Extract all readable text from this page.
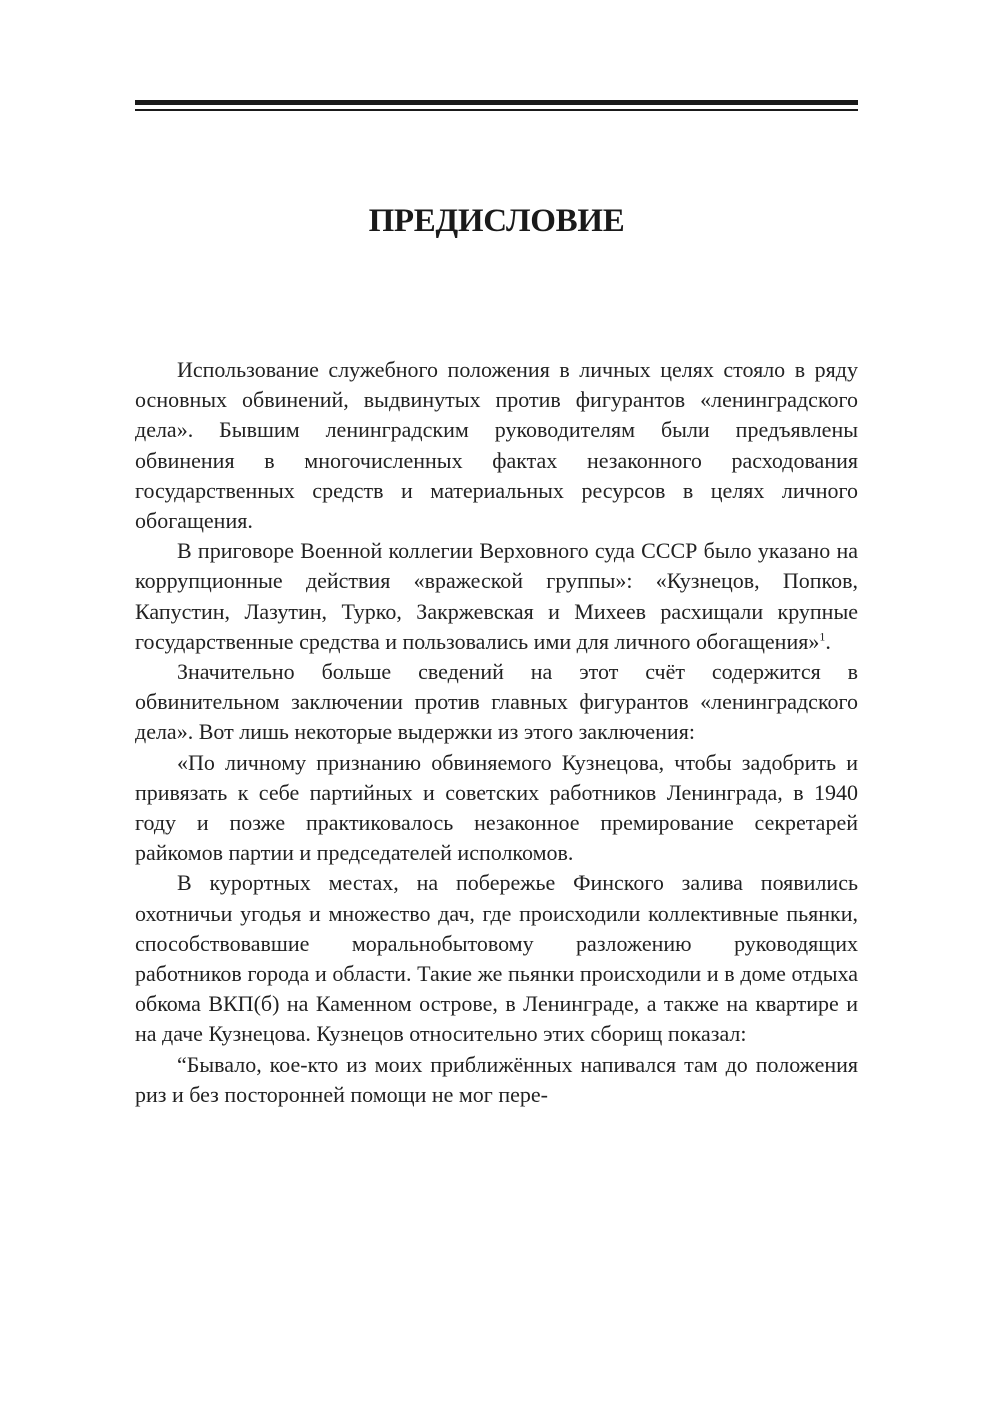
ПРЕДИСЛОВИЕ

Использование служебного положения в личных целях стояло в ряду основных обвинений, выдвинутых против фигурантов «ленинградского дела». Бывшим ленинградским руководителям были предъявлены обвинения в многочисленных фактах незаконного расходования государственных средств и материальных ресурсов в целях личного обогащения.

В приговоре Военной коллегии Верховного суда СССР было указано на коррупционные действия «вражеской группы»: «Кузнецов, Попков, Капустин, Лазутин, Турко, Закржевская и Михеев расхищали крупные государственные средства и пользовались ими для личного обогащения»$^1$.

Значительно больше сведений на этот счёт содержится в обвинительном заключении против главных фигурантов «ленинградского дела». Вот лишь некоторые выдержки из этого заключения:

«По личному признанию обвиняемого Кузнецова, чтобы задобрить и привязать к себе партийных и советских работников Ленинграда, в 1940 году и позже практиковалось незаконное премирование секретарей райкомов партии и председателей исполкомов.

В курортных местах, на побережье Финского залива появились охотничьи угодья и множество дач, где происходили коллективные пьянки, способствовавшие моральнобытовому разложению руководящих работников города и области. Такие же пьянки происходили и в доме отдыха обкома ВКП(б) на Каменном острове, в Ленинграде, а также на квартире и на даче Кузнецова. Кузнецов относительно этих сборищ показал:

“Бывало, кое-кто из моих приближённых напивался там до положения риз и без посторонней помощи не мог пере-
